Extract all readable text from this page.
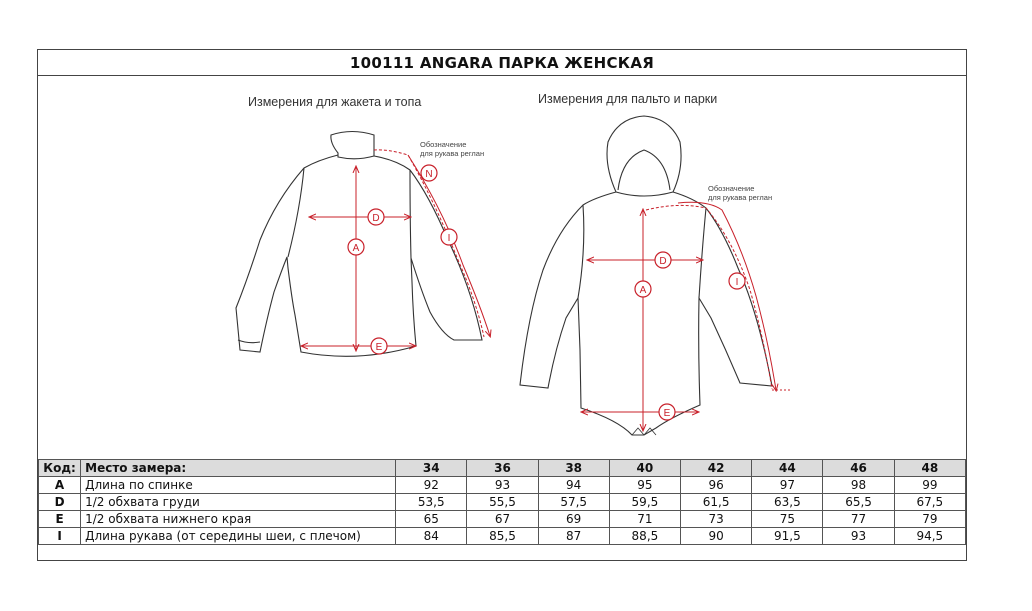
100111 ANGARA ПАРКА ЖЕНСКАЯ
Измерения для жакета и топа	Измерения для пальто и парки
Обозначение
для рукава реглан
Обозначение
для рукава реглан
N
D
I
A
E
D
I
A
E
Код:	Место замера:	34	36	38	40	42	44	46	48
A	Длина по спинке	92	93	94	95	96	97	98	99
D	1/2 обхвата груди	53,5	55,5	57,5	59,5	61,5	63,5	65,5	67,5
E	1/2 обхвата нижнего края	65	67	69	71	73	75	77	79
I	Длина рукава (от середины шеи, с плечом)	84	85,5	87	88,5	90	91,5	93	94,5
